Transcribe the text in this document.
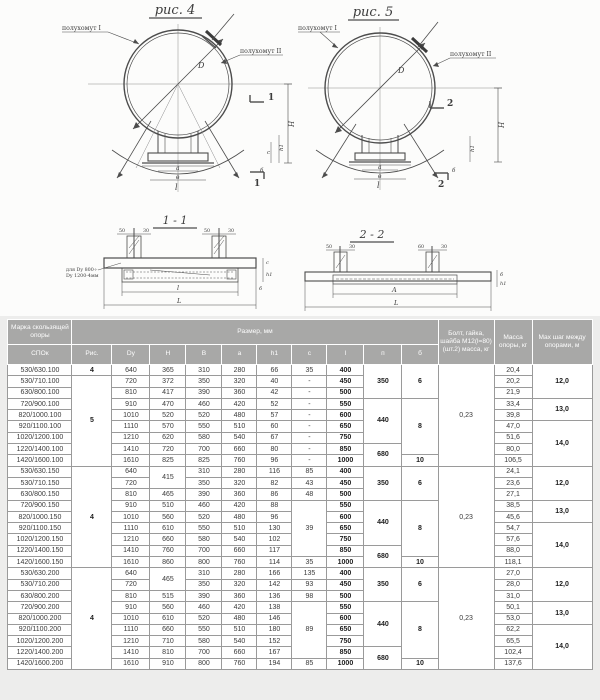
рис. 4
D
полухомут I
полухомут II
l
a
в
Н
h1
c
б
1
1
рис. 5
D
полухомут I
полухомут II
l
a
в
Н
h1
б
2
2
1 - 1
50	30	50	30
для Dy 800÷
Dy 1200-4мм
c
h1
б
l
L
2 - 2
50	30	60	30
б
h1
A
L
Марка скользящей опоры	Размер, мм										Болт, гайка, шайба М12(l=80) (шт.2) масса, кг	Масса опоры, кг	Мах шаг между опорами, м
СПОк	Рис.	Dy	Н	В	а	h1	с	l	п	б			
530/630.100	4	640	365	310	280	66	35	400	350	6	0,23	20,4	12,0
530/710.100	5	720	372	350	320	40	-	450				20,2	
630/800.100		810	417	390	360	42	-	500				21,9	
720/900.100		910	470	460	420	52	-	550	440	8		33,4	13,0
820/1000.100		1010	520	520	480	57	-	600				39,8	
920/1100.100		1110	570	550	510	60	-	650				47,0	14,0
1020/1200.100		1210	620	580	540	67	-	750				51,6	
1220/1400.100		1410	720	700	660	80	-	850	680			80,0	
1420/1600.100		1610	825	825	760	96	-	1000		10		106,5	
530/630.150	4	640	415	310	280	116	85	400	350	6	0,23	24,1	12,0
530/710.150		720		350	320	82	43	450				23,6	
630/800.150		810	465	390	360	86	48	500				27,1	
720/900.150		910	510	460	420	88	39	550	440	8		38,5	13,0
820/1000.150		1010	560	520	480	96		600				45,6	
920/1100.150		1110	610	550	510	130		650				54,7	14,0
1020/1200.150		1210	660	580	540	102		750				57,6	
1220/1400.150		1410	760	700	660	117		850	680			88,0	
1420/1600.150		1610	860	800	760	114	35	1000		10		118,1	
530/630.200	4	640	465	310	280	166	135	400	350	6	0,23	27,0	12,0
530/710.200		720		350	320	142	93	450				28,0	
630/800.200		810	515	390	360	136	98	500				31,0	
720/900.200		910	560	460	420	138	89	550	440	8		50,1	13,0
820/1000.200		1010	610	520	480	146		600				53,0	
920/1100.200		1110	660	550	510	180		650				62,2	14,0
1020/1200.200		1210	710	580	540	152		750				65,5	
1220/1400.200		1410	810	700	660	167		850	680			102,4	
1420/1600.200		1610	910	800	760	194	85	1000		10		137,6	
